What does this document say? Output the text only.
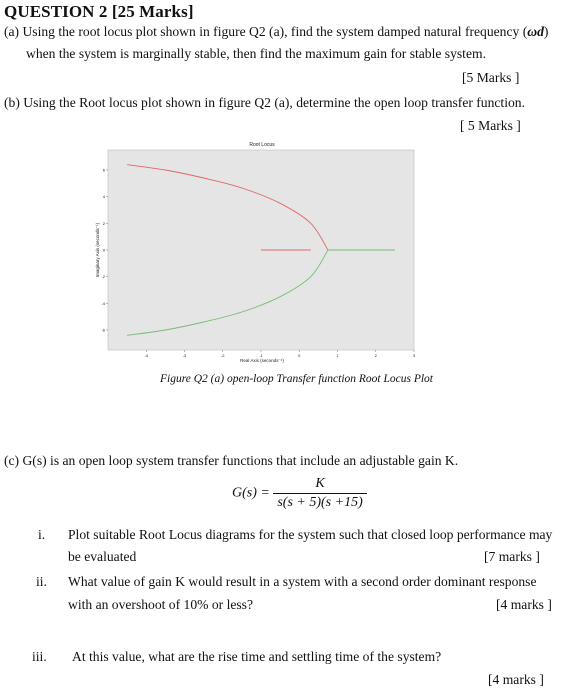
QUESTION 2 [25 Marks]
(a) Using the root locus plot shown in figure Q2 (a), find the system damped natural frequency (ωd)
when the system is marginally stable, then find the maximum gain for stable system.
[5 Marks ]
(b) Using the Root locus plot shown in figure Q2 (a), determine the open loop transfer function.
[ 5 Marks ]
Root Locus
6
4
2
0
-2
-4
-6
-4	-3	-2	-1	0	1	2	3
Real Axis (seconds⁻¹)
Imaginary Axis (seconds⁻¹)
Figure Q2 (a) open-loop Transfer function Root Locus Plot
(c) G(s) is an open loop system transfer functions that include an adjustable gain K.
$G(s) = \frac{K}{s(s + 5)(s +15)}$
i. Plot suitable Root Locus diagrams for the system such that closed loop performance may
be evaluated	[7 marks ]
ii. What value of gain K would result in a system with a second order dominant response
with an overshoot of 10% or less?	[4 marks ]
iii. At this value, what are the rise time and settling time of the system?
[4 marks ]
